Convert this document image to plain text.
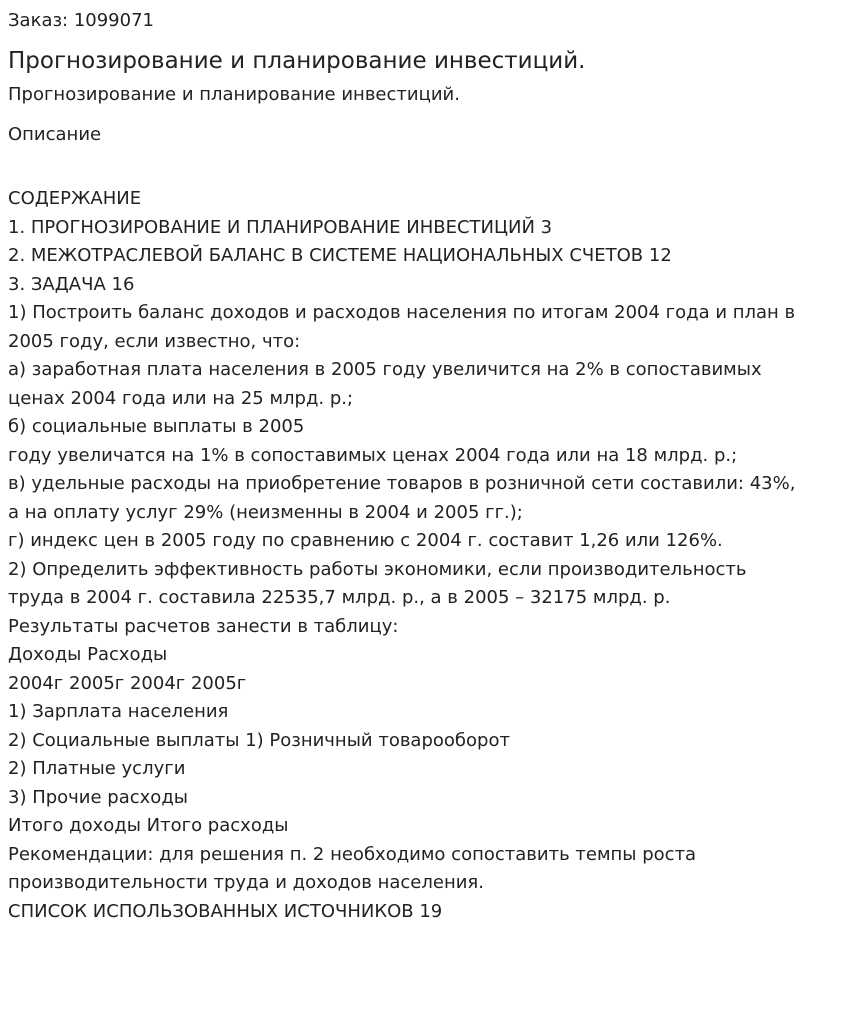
Заказ: 1099071
Прогнозирование и планирование инвестиций.
Прогнозирование и планирование инвестиций.
Описание
СОДЕРЖАНИЕ
1. ПРОГНОЗИРОВАНИЕ И ПЛАНИРОВАНИЕ ИНВЕСТИЦИЙ 3
2. МЕЖОТРАСЛЕВОЙ БАЛАНС В СИСТЕМЕ НАЦИОНАЛЬНЫХ СЧЕТОВ 12
3. ЗАДАЧА 16
1) Построить баланс доходов и расходов населения по итогам 2004 года и план в
2005 году, если известно, что:
а) заработная плата населения в 2005 году увеличится на 2% в сопоставимых
ценах 2004 года или на 25 млрд. р.;
б) социальные выплаты в 2005
году увеличатся на 1% в сопоставимых ценах 2004 года или на 18 млрд. р.;
в) удельные расходы на приобретение товаров в розничной сети составили: 43%,
а на оплату услуг 29% (неизменны в 2004 и 2005 гг.);
г) индекс цен в 2005 году по сравнению с 2004 г. составит 1,26 или 126%.
2) Определить эффективность работы экономики, если производительность
труда в 2004 г. составила 22535,7 млрд. р., а в 2005 – 32175 млрд. р.
Результаты расчетов занести в таблицу:
Доходы Расходы
2004г 2005г 2004г 2005г
1) Зарплата населения
2) Социальные выплаты 1) Розничный товарооборот
2) Платные услуги
3) Прочие расходы
Итого доходы Итого расходы
Рекомендации: для решения п. 2 необходимо сопоставить темпы роста
производительности труда и доходов населения.
СПИСОК ИСПОЛЬЗОВАННЫХ ИСТОЧНИКОВ 19
